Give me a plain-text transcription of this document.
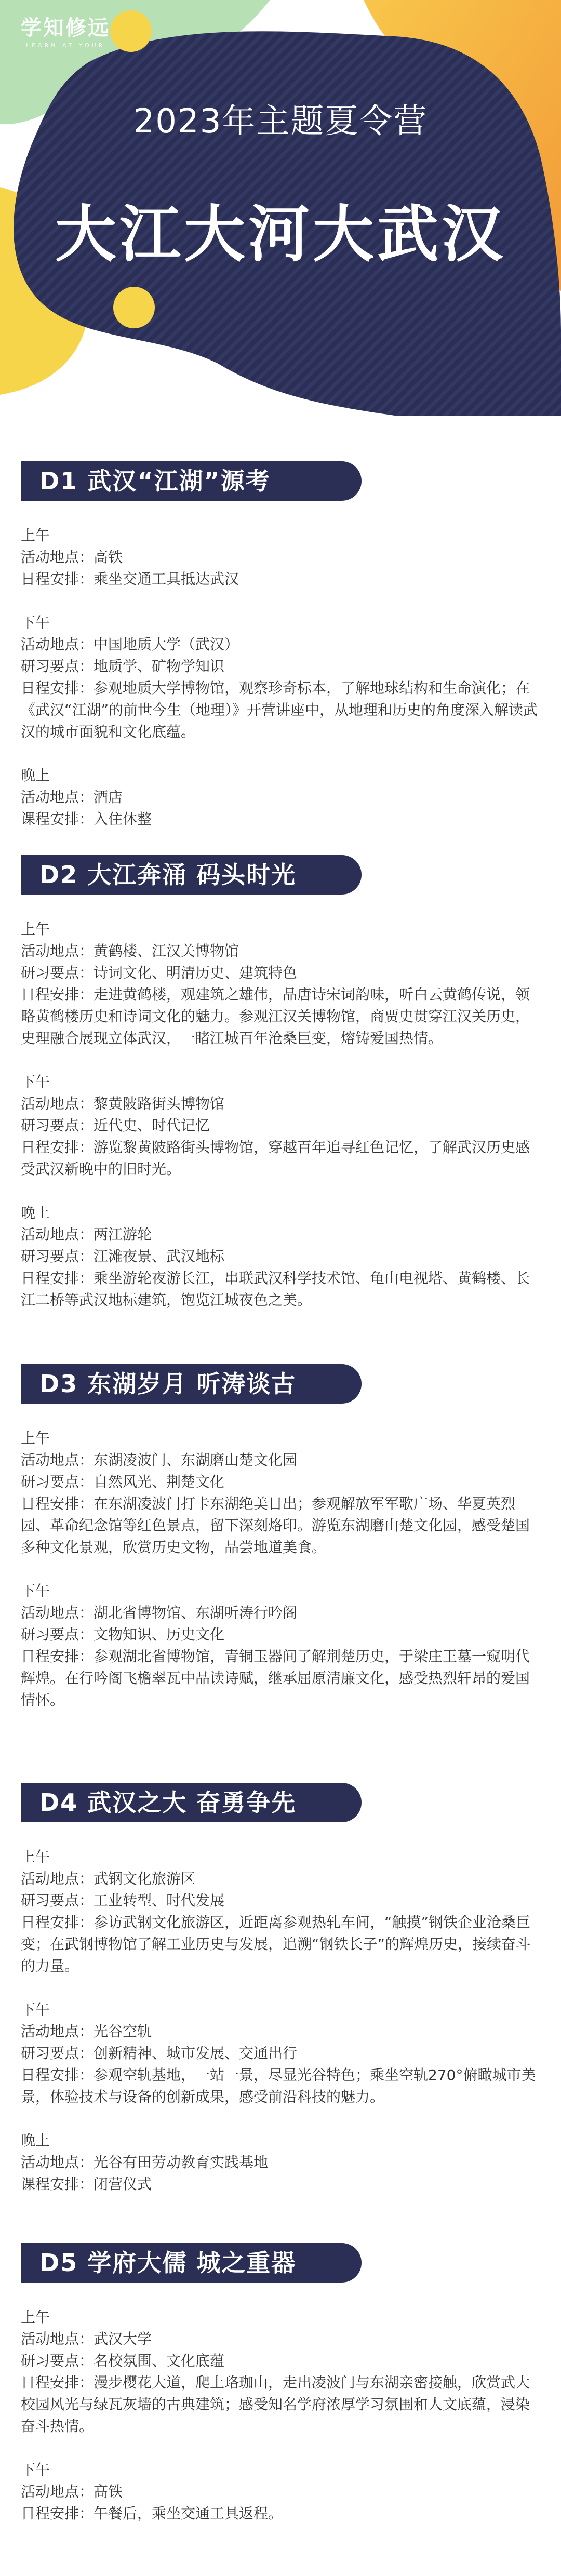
学知修远
LEARN AT YOUR
2023年主题夏令营
大江大河大武汉
D1 武汉“江湖”源考
上午
活动地点：高铁
日程安排：乘坐交通工具抵达武汉
下午
活动地点：中国地质大学（武汉）
研习要点：地质学、矿物学知识
日程安排：参观地质大学博物馆，观察珍奇标本，了解地球结构和生命演化；在《武汉“江湖”的前世今生（地理）》开营讲座中，从地理和历史的角度深入解读武汉的城市面貌和文化底蕴。
晚上
活动地点：酒店
课程安排：入住休整
D2 大江奔涌 码头时光
上午
活动地点：黄鹤楼、江汉关博物馆
研习要点：诗词文化、明清历史、建筑特色
日程安排：走进黄鹤楼，观建筑之雄伟，品唐诗宋词韵味，听白云黄鹤传说，领略黄鹤楼历史和诗词文化的魅力。参观江汉关博物馆，商贾史贯穿江汉关历史，史理融合展现立体武汉，一睹江城百年沧桑巨变，熔铸爱国热情。
下午
活动地点：黎黄陂路街头博物馆
研习要点：近代史、时代记忆
日程安排：游览黎黄陂路街头博物馆，穿越百年追寻红色记忆，了解武汉历史感受武汉新晚中的旧时光。
晚上
活动地点：两江游轮
研习要点：江滩夜景、武汉地标
日程安排：乘坐游轮夜游长江，串联武汉科学技术馆、龟山电视塔、黄鹤楼、长江二桥等武汉地标建筑，饱览江城夜色之美。
D3 东湖岁月 听涛谈古
上午
活动地点：东湖凌波门、东湖磨山楚文化园
研习要点：自然风光、荆楚文化
日程安排：在东湖凌波门打卡东湖绝美日出；参观解放军军歌广场、华夏英烈园、革命纪念馆等红色景点，留下深刻烙印。游览东湖磨山楚文化园，感受楚国多种文化景观，欣赏历史文物，品尝地道美食。
下午
活动地点：湖北省博物馆、东湖听涛行吟阁
研习要点：文物知识、历史文化
日程安排：参观湖北省博物馆，青铜玉器间了解荆楚历史，于梁庄王墓一窥明代辉煌。在行吟阁飞檐翠瓦中品读诗赋，继承屈原清廉文化，感受热烈轩昂的爱国情怀。
D4 武汉之大 奋勇争先
上午
活动地点：武钢文化旅游区
研习要点：工业转型、时代发展
日程安排：参访武钢文化旅游区，近距离参观热轧车间，“触摸”钢铁企业沧桑巨变；在武钢博物馆了解工业历史与发展，追溯“钢铁长子”的辉煌历史，接续奋斗的力量。
下午
活动地点：光谷空轨
研习要点：创新精神、城市发展、交通出行
日程安排：参观空轨基地，一站一景，尽显光谷特色；乘坐空轨270°俯瞰城市美景，体验技术与设备的创新成果，感受前沿科技的魅力。
晚上
活动地点：光谷有田劳动教育实践基地
课程安排：闭营仪式
D5 学府大儒 城之重器
上午
活动地点：武汉大学
研习要点：名校氛围、文化底蕴
日程安排：漫步樱花大道，爬上珞珈山，走出凌波门与东湖亲密接触，欣赏武大校园风光与绿瓦灰墙的古典建筑；感受知名学府浓厚学习氛围和人文底蕴，浸染奋斗热情。
下午
活动地点：高铁
日程安排：午餐后，乘坐交通工具返程。
